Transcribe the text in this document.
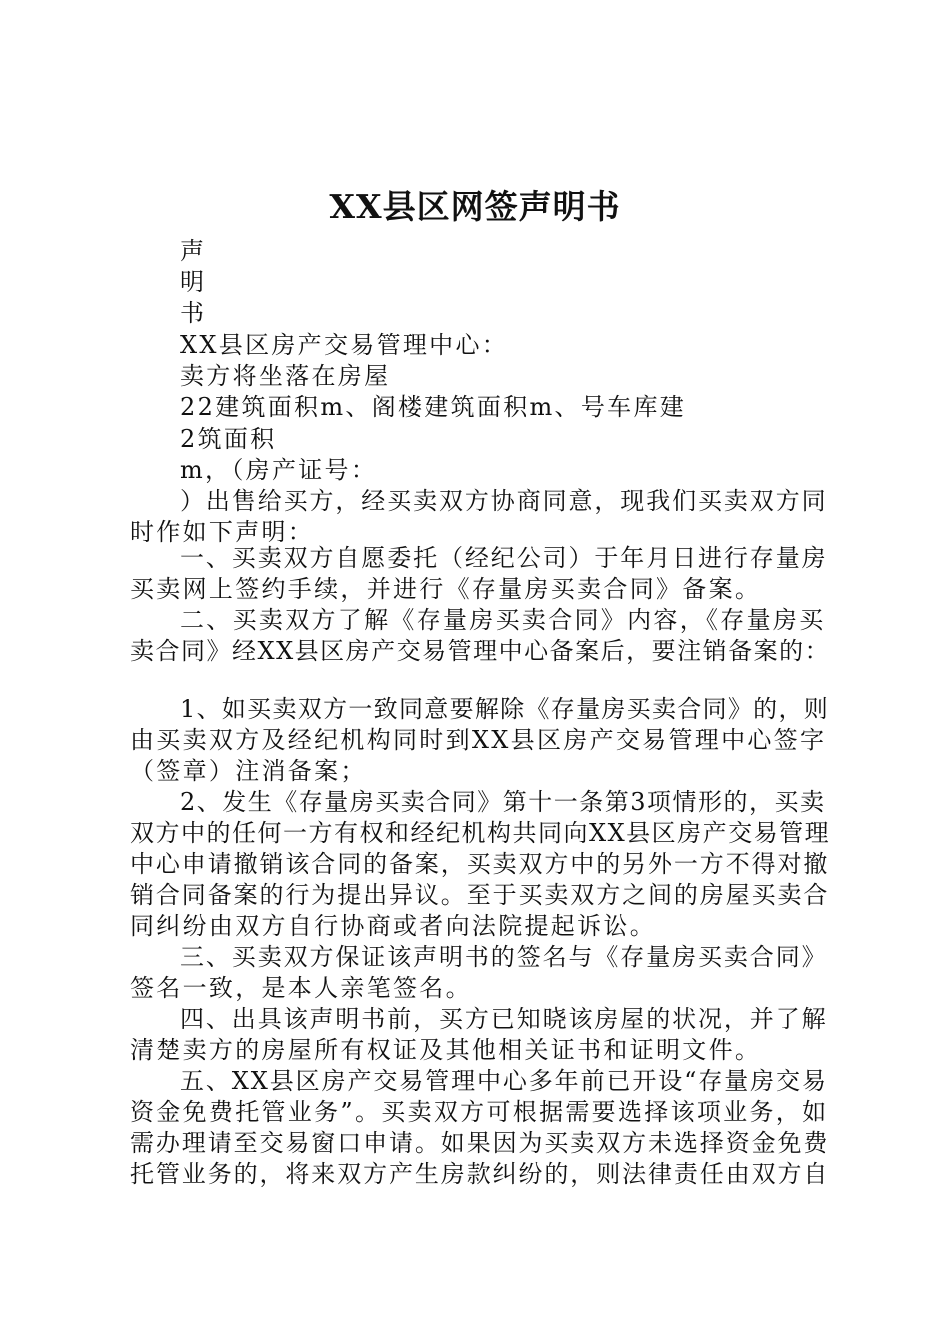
XX县区网签声明书
声
明
书
XX县区房产交易管理中心：
卖方将坐落在房屋
22建筑面积m、阁楼建筑面积m、号车库建
2筑面积
m，（房产证号：
）出售给买方，经买卖双方协商同意，现我们买卖双方同
时作如下声明：
一、买卖双方自愿委托（经纪公司）于年月日进行存量房
买卖网上签约手续，并进行《存量房买卖合同》备案。
二、买卖双方了解《存量房买卖合同》内容，《存量房买
卖合同》经XX县区房产交易管理中心备案后，要注销备案的：
1、如买卖双方一致同意要解除《存量房买卖合同》的，则
由买卖双方及经纪机构同时到XX县区房产交易管理中心签字
（签章）注消备案；
2、发生《存量房买卖合同》第十一条第3项情形的，买卖
双方中的任何一方有权和经纪机构共同向XX县区房产交易管理
中心申请撤销该合同的备案，买卖双方中的另外一方不得对撤
销合同备案的行为提出异议。至于买卖双方之间的房屋买卖合
同纠纷由双方自行协商或者向法院提起诉讼。
三、买卖双方保证该声明书的签名与《存量房买卖合同》
签名一致，是本人亲笔签名。
四、出具该声明书前，买方已知晓该房屋的状况，并了解
清楚卖方的房屋所有权证及其他相关证书和证明文件。
五、XX县区房产交易管理中心多年前已开设“存量房交易
资金免费托管业务”。买卖双方可根据需要选择该项业务，如
需办理请至交易窗口申请。如果因为买卖双方未选择资金免费
托管业务的，将来双方产生房款纠纷的，则法律责任由双方自
